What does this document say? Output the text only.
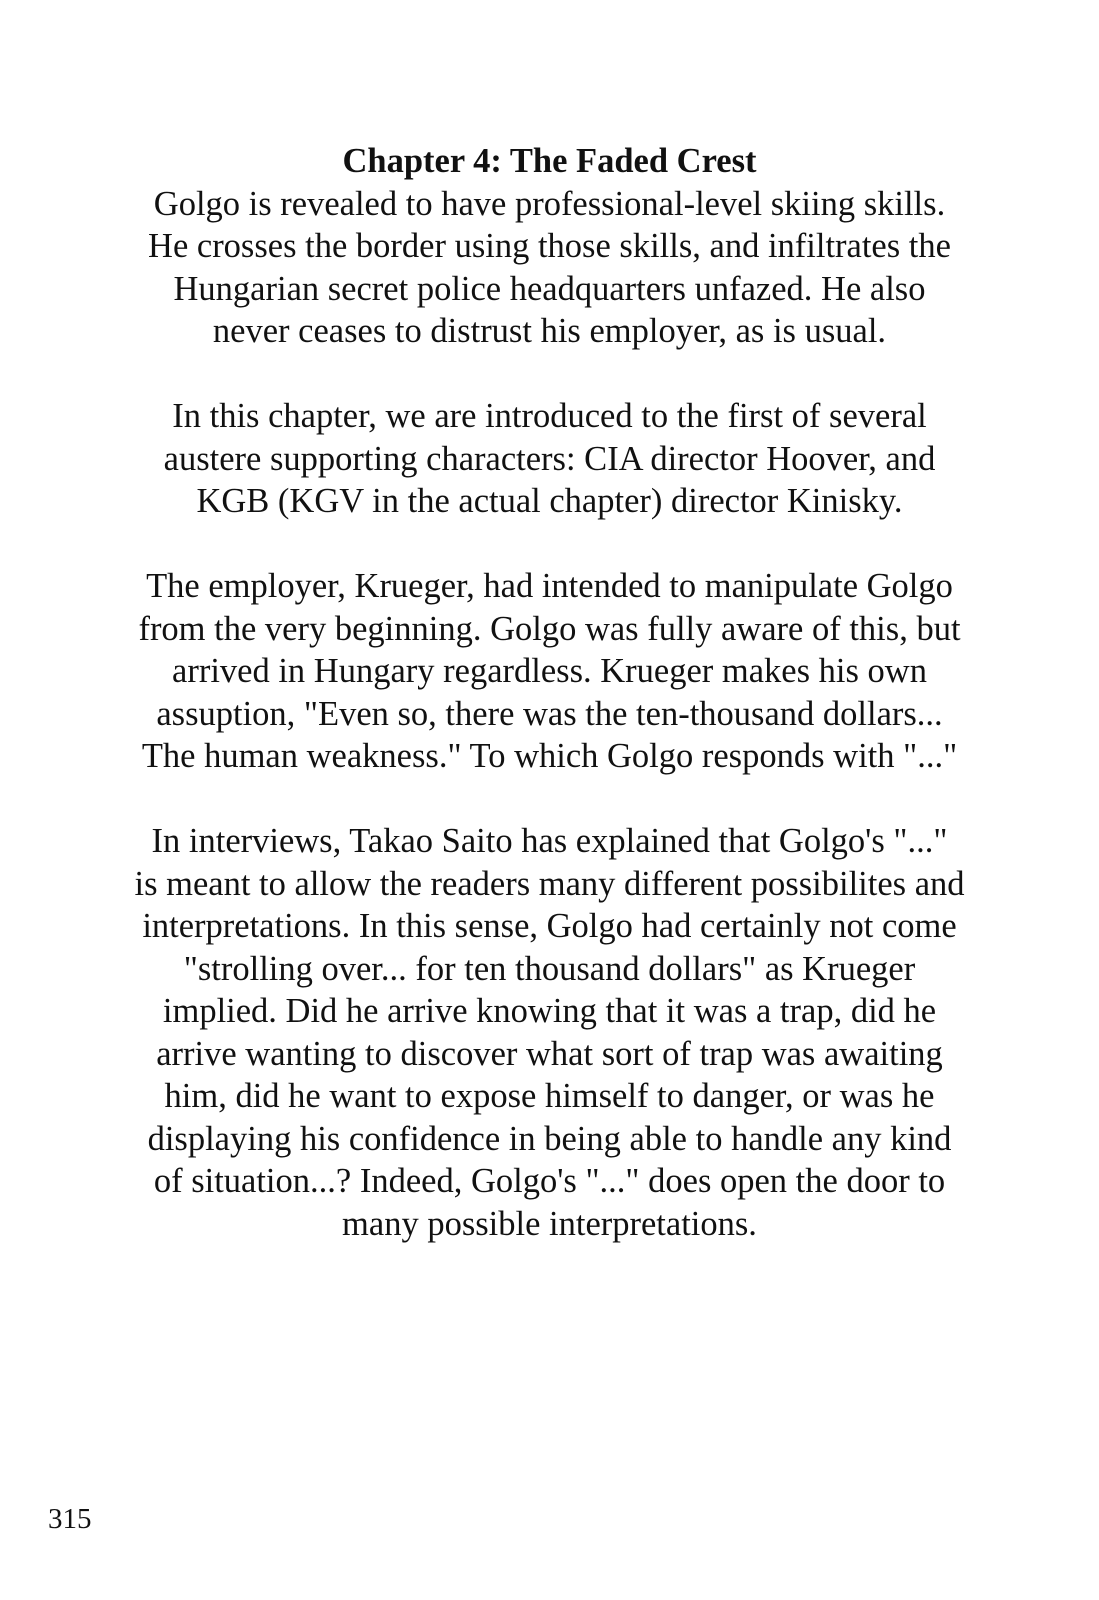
Chapter 4: The Faded Crest
Golgo is revealed to have professional-level skiing skills.
He crosses the border using those skills, and infiltrates the
Hungarian secret police headquarters unfazed. He also
never ceases to distrust his employer, as is usual.

In this chapter, we are introduced to the first of several
austere supporting characters: CIA director Hoover, and
KGB (KGV in the actual chapter) director Kinisky.

The employer, Krueger, had intended to manipulate Golgo
from the very beginning. Golgo was fully aware of this, but
arrived in Hungary regardless. Krueger makes his own
assuption, "Even so, there was the ten-thousand dollars...
The human weakness." To which Golgo responds with "..."

In interviews, Takao Saito has explained that Golgo's "..."
is meant to allow the readers many different possibilites and
interpretations. In this sense, Golgo had certainly not come
"strolling over... for ten thousand dollars" as Krueger
implied. Did he arrive knowing that it was a trap, did he
arrive wanting to discover what sort of trap was awaiting
him, did he want to expose himself to danger, or was he
displaying his confidence in being able to handle any kind
of situation...? Indeed, Golgo's "..." does open the door to
many possible interpretations.

315
